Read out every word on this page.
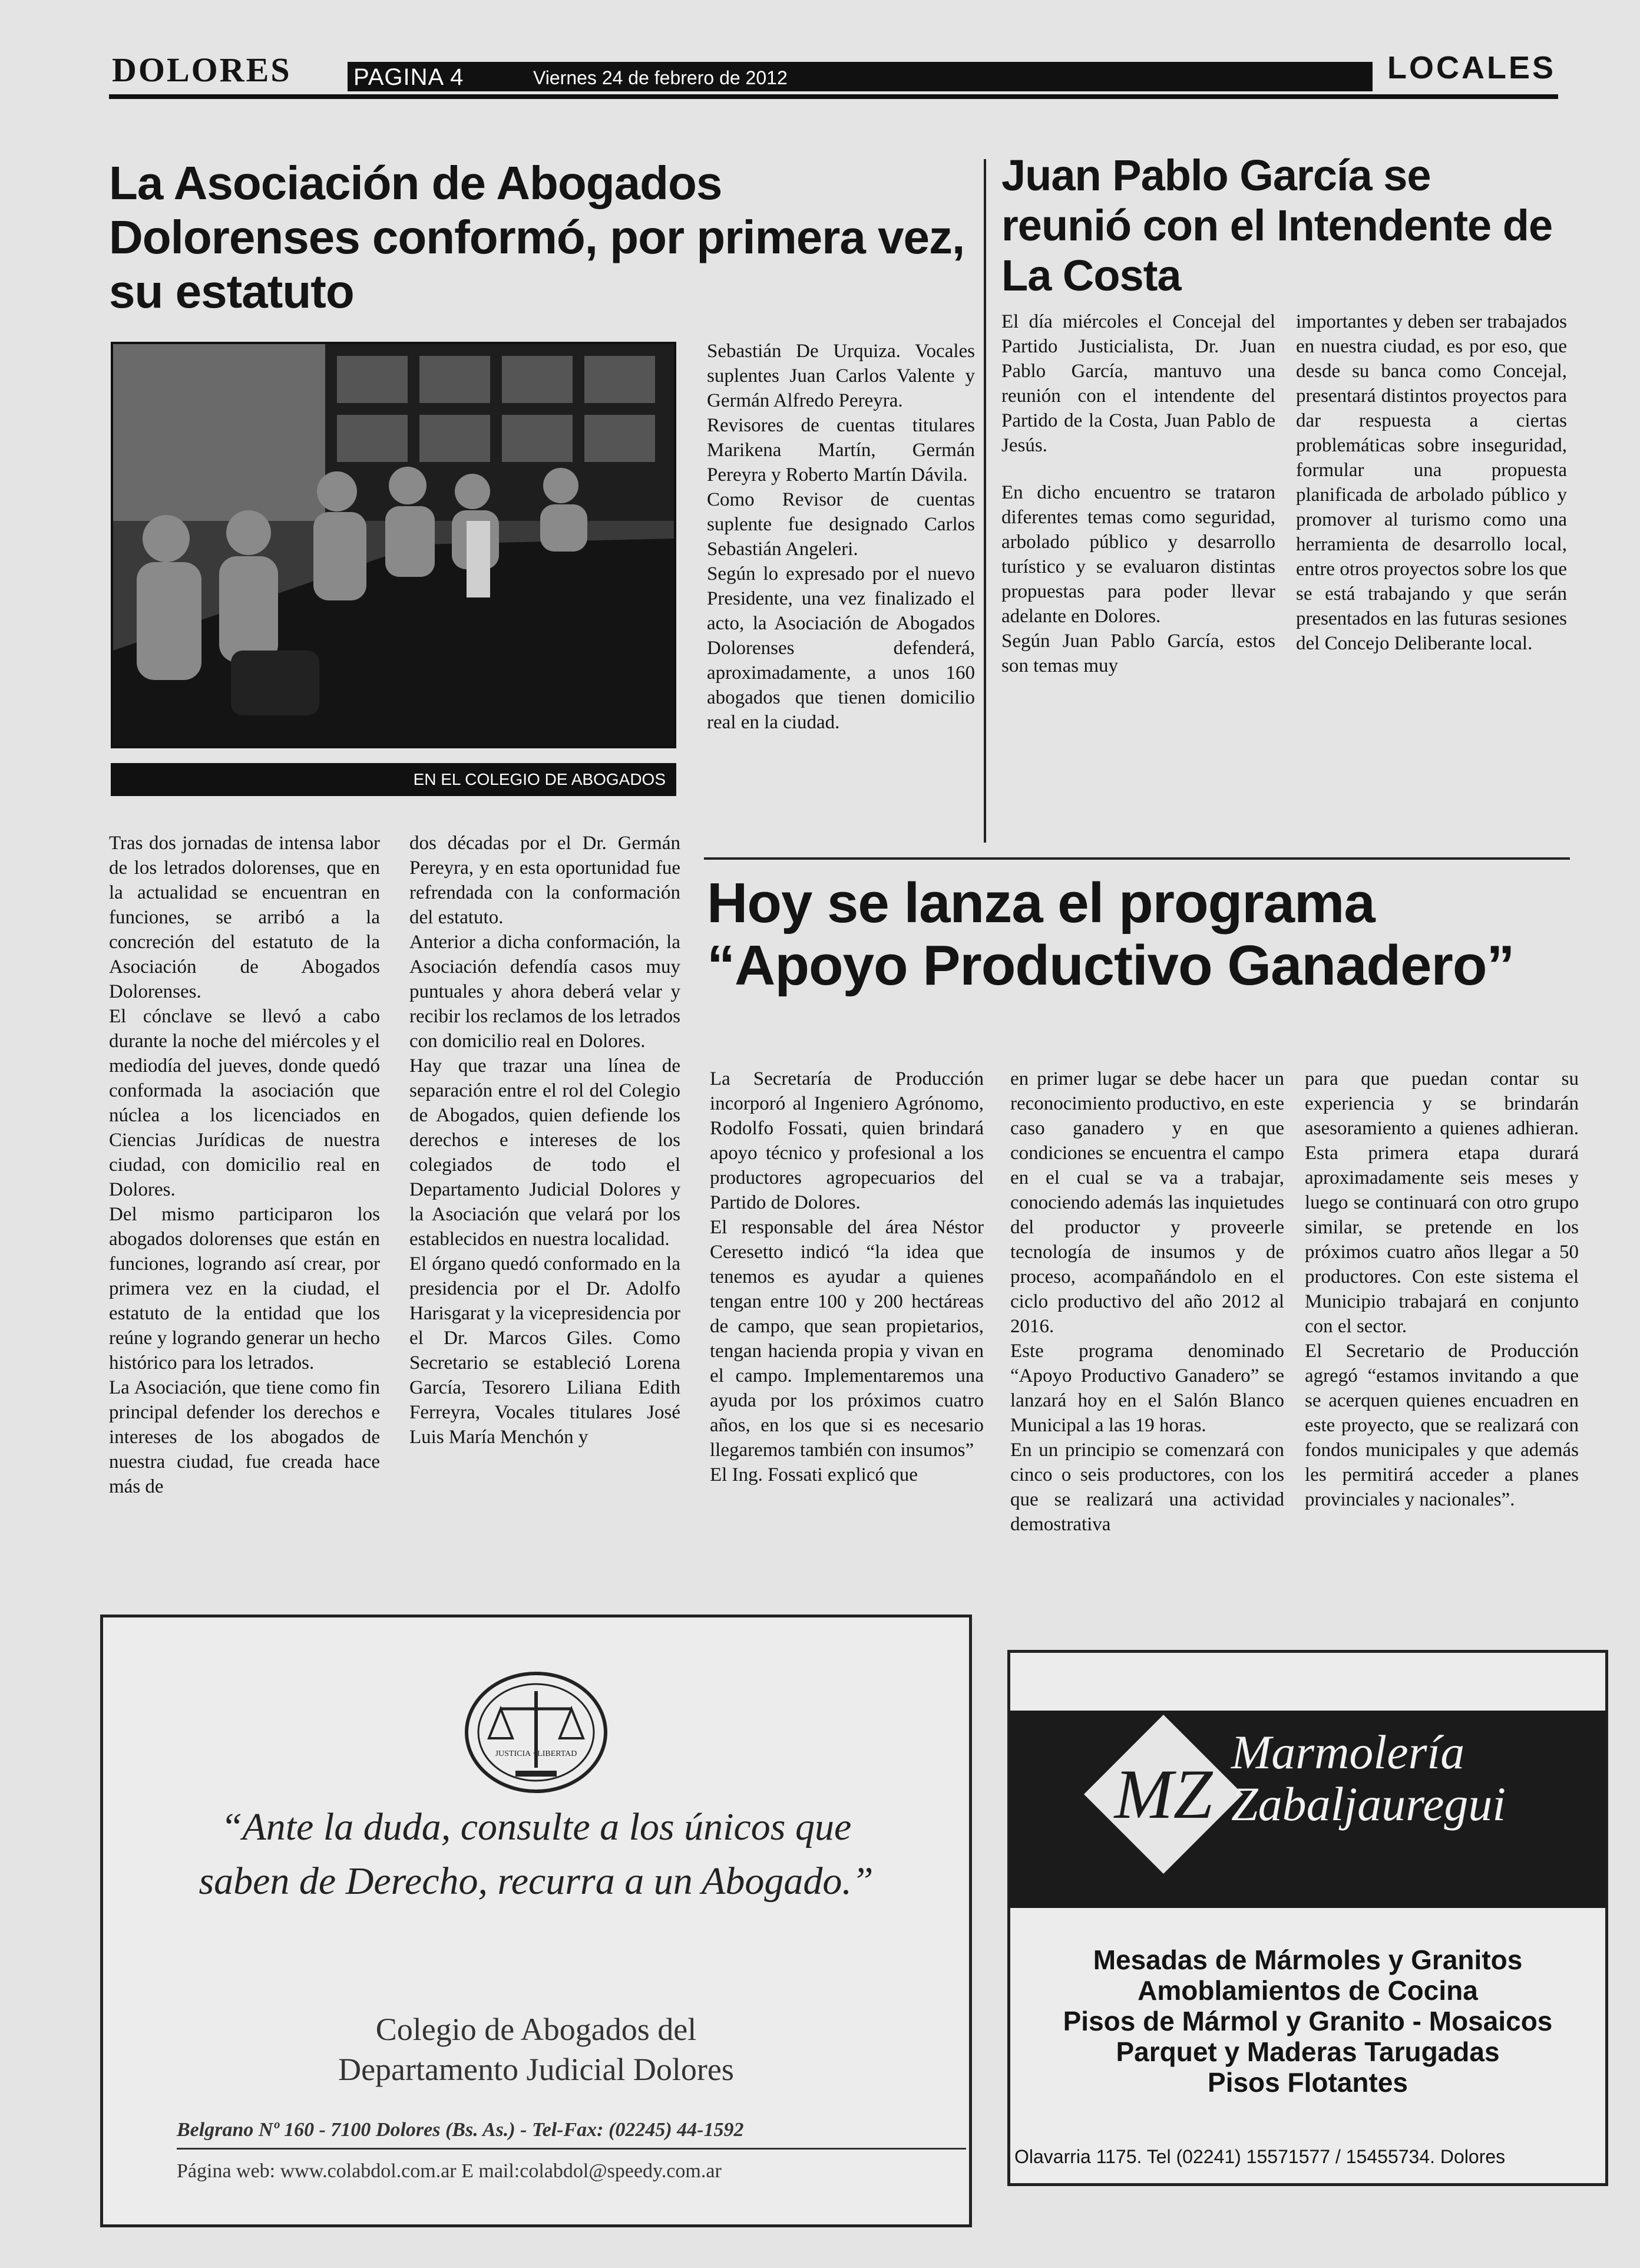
DOLORES	PAGINA 4	Viernes 24 de febrero de 2012	LOCALES
La Asociación de Abogados Dolorenses conformó, por primera vez, su estatuto
EN EL COLEGIO DE ABOGADOS

Sebastián De Urquiza. Vocales suplentes Juan Carlos Valente y Germán Alfredo Pereyra.

Revisores de cuentas titulares Marikena Martín, Germán Pereyra y Roberto Martín Dávila.

Como Revisor de cuentas suplente fue designado Carlos Sebastián Angeleri.

Según lo expresado por el nuevo Presidente, una vez finalizado el acto, la Asociación de Abogados Dolorenses defenderá, aproximadamente, a unos 160 abogados que tienen domicilio real en la ciudad.

Tras dos jornadas de intensa labor de los letrados dolorenses, que en la actualidad se encuentran en funciones, se arribó a la concreción del estatuto de la Asociación de Abogados Dolorenses.

El cónclave se llevó a cabo durante la noche del miércoles y el mediodía del jueves, donde quedó conformada la asociación que núclea a los licenciados en Ciencias Jurídicas de nuestra ciudad, con domicilio real en Dolores.

Del mismo participaron los abogados dolorenses que están en funciones, logrando así crear, por primera vez en la ciudad, el estatuto de la entidad que los reúne y logrando generar un hecho histórico para los letrados.

La Asociación, que tiene como fin principal defender los derechos e intereses de los abogados de nuestra ciudad, fue creada hace más de

dos décadas por el Dr. Germán Pereyra, y en esta oportunidad fue refrendada con la conformación del estatuto.

Anterior a dicha conformación, la Asociación defendía casos muy puntuales y ahora deberá velar y recibir los reclamos de los letrados con domicilio real en Dolores.

Hay que trazar una línea de separación entre el rol del Colegio de Abogados, quien defiende los derechos e intereses de los colegiados de todo el Departamento Judicial Dolores y la Asociación que velará por los establecidos en nuestra localidad.

El órgano quedó conformado en la presidencia por el Dr. Adolfo Harisgarat y la vicepresidencia por el Dr. Marcos Giles. Como Secretario se estableció Lorena García, Tesorero Liliana Edith Ferreyra, Vocales titulares José Luis María Menchón y

Juan Pablo García se reunió con el Intendente de La Costa

El día miércoles el Concejal del Partido Justicialista, Dr. Juan Pablo García, mantuvo una reunión con el intendente del Partido de la Costa, Juan Pablo de Jesús.

En dicho encuentro se trataron diferentes temas como seguridad, arbolado público y desarrollo turístico y se evaluaron distintas propuestas para poder llevar adelante en Dolores.

Según Juan Pablo García, estos son temas muy

importantes y deben ser trabajados en nuestra ciudad, es por eso, que desde su banca como Concejal, presentará distintos proyectos para dar respuesta a ciertas problemáticas sobre inseguridad, formular una propuesta planificada de arbolado público y promover al turismo como una herramienta de desarrollo local, entre otros proyectos sobre los que se está trabajando y que serán presentados en las futuras sesiones del Concejo Deliberante local.

Hoy se lanza el programa “Apoyo Productivo Ganadero”

La Secretaría de Producción incorporó al Ingeniero Agrónomo, Rodolfo Fossati, quien brindará apoyo técnico y profesional a los productores agropecuarios del Partido de Dolores.

El responsable del área Néstor Ceresetto indicó “la idea que tenemos es ayudar a quienes tengan entre 100 y 200 hectáreas de campo, que sean propietarios, tengan hacienda propia y vivan en el campo. Implementaremos una ayuda por los próximos cuatro años, en los que si es necesario llegaremos también con insumos”

El Ing. Fossati explicó que

en primer lugar se debe hacer un reconocimiento productivo, en este caso ganadero y en que condiciones se encuentra el campo en el cual se va a trabajar, conociendo además las inquietudes del productor y proveerle tecnología de insumos y de proceso, acompañándolo en el ciclo productivo del año 2012 al 2016.

Este programa denominado “Apoyo Productivo Ganadero” se lanzará hoy en el Salón Blanco Municipal a las 19 horas.

En un principio se comenzará con cinco o seis productores, con los que se realizará una actividad demostrativa

para que puedan contar su experiencia y se brindarán asesoramiento a quienes adhieran. Esta primera etapa durará aproximadamente seis meses y luego se continuará con otro grupo similar, se pretende en los próximos cuatro años llegar a 50 productores. Con este sistema el Municipio trabajará en conjunto con el sector.

El Secretario de Producción agregó “estamos invitando a que se acerquen quienes encuadren en este proyecto, que se realizará con fondos municipales y que además les permitirá acceder a planes provinciales y nacionales”.

JUSTICIA · LIBERTAD
“Ante la duda, consulte a los únicos que
saben de Derecho, recurra a un Abogado.”
Colegio de Abogados del
Departamento Judicial Dolores
Belgrano Nº 160 - 7100 Dolores (Bs. As.) - Tel-Fax: (02245) 44-1592
Página web: www.colabdol.com.ar E mail:colabdol@speedy.com.ar
MZ
Marmolería
Zabaljauregui
Mesadas de Mármoles y Granitos
Amoblamientos de Cocina
Pisos de Mármol y Granito - Mosaicos
Parquet y Maderas Tarugadas
Pisos Flotantes
Olavarria 1175. Tel (02241) 15571577 / 15455734. Dolores
